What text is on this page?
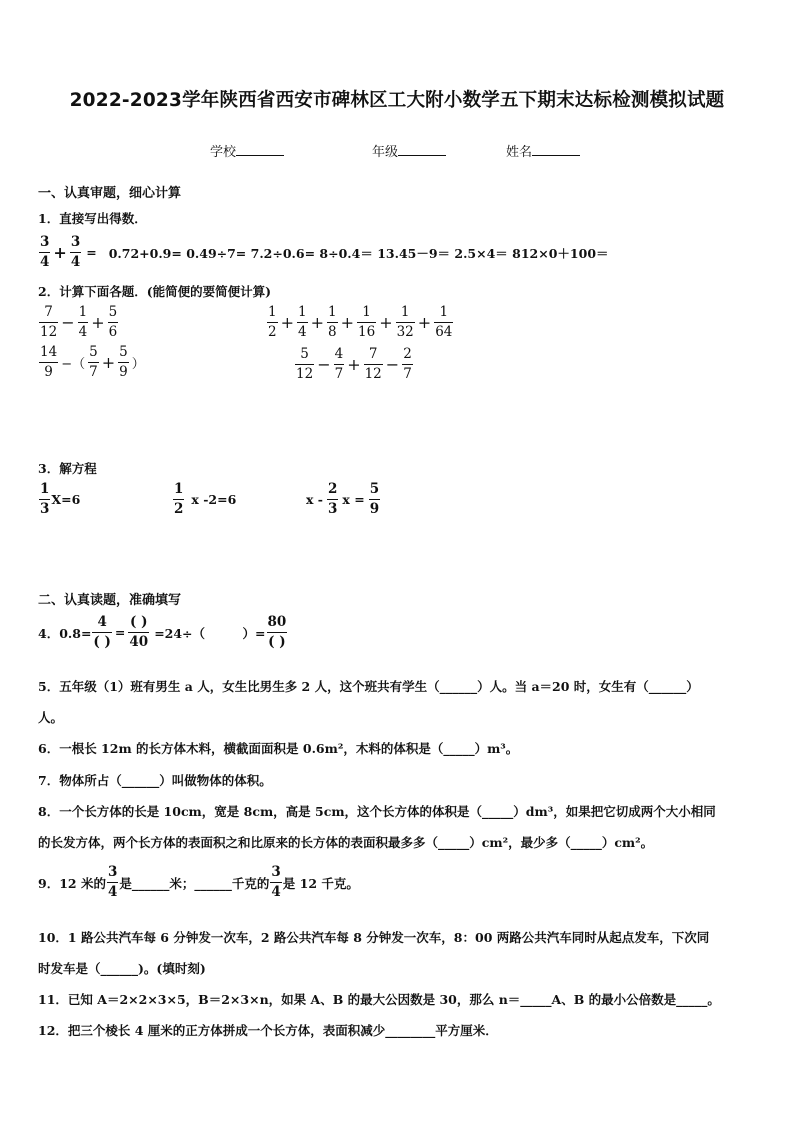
2022-2023学年陕西省西安市碑林区工大附小数学五下期末达标检测模拟试题
学校	年级	姓名
一、认真审题，细心计算
1．直接写出得数．
$\frac{3}{4} + \frac{3}{4} = 0.72+0.9= 0.49\div 7= 7.2\div 0.6= 8\div 0.4= 13.45-9= 2.5\times 4= 812\times 0+100=$
2．计算下面各题．(能简便的要简便计算)
$\frac{7}{12} - \frac{1}{4} + \frac{5}{6}$	$\frac{1}{2} + \frac{1}{4} + \frac{1}{8} + \frac{1}{16} + \frac{1}{32} + \frac{1}{64}$
$\frac{14}{9}$ −（ $\frac{5}{7} + \frac{5}{9}$ ）	$\frac{5}{12} - \frac{4}{7} + \frac{7}{12} - \frac{2}{7}$
3．解方程
$\frac{1}{3} X=6$	$\frac{1}{2}$ x -2=6	x - $\frac{2}{3}$ $x = \frac{5}{9}$
二、认真读题，准确填写
4．$0.8= \frac{4}{( )} = \frac{( )}{40} =24\div$（　　　）= $\frac{80}{( )}$
5．五年级（1）班有男生 a 人，女生比男生多 2 人，这个班共有学生（______）人。当 a＝20 时，女生有（______）
人。
6．一根长 12m 的长方体木料，横截面面积是 0.6m²，木料的体积是（_____）m³。
7．物体所占（______）叫做物体的体积。
8．一个长方体的长是 10cm，宽是 8cm，高是 5cm，这个长方体的体积是（_____）dm³，如果把它切成两个大小相同
的长发方体，两个长方体的表面积之和比原来的长方体的表面积最多多（_____）cm²，最少多（_____）cm²。
9．12 米的 $\frac{3}{4}$ 是______米；______千克的 $\frac{3}{4}$ 是 12 千克。
10．1 路公共汽车每 6 分钟发一次车，2 路公共汽车每 8 分钟发一次车，8：00 两路公共汽车同时从起点发车，下次同
时发车是（______)。(填时刻)
11．已知 A＝2×2×3×5，B＝2×3×n，如果 A、B 的最大公因数是 30，那么 n＝_____A、B 的最小公倍数是_____。
12．把三个棱长 4 厘米的正方体拼成一个长方体，表面积减少________平方厘米．
